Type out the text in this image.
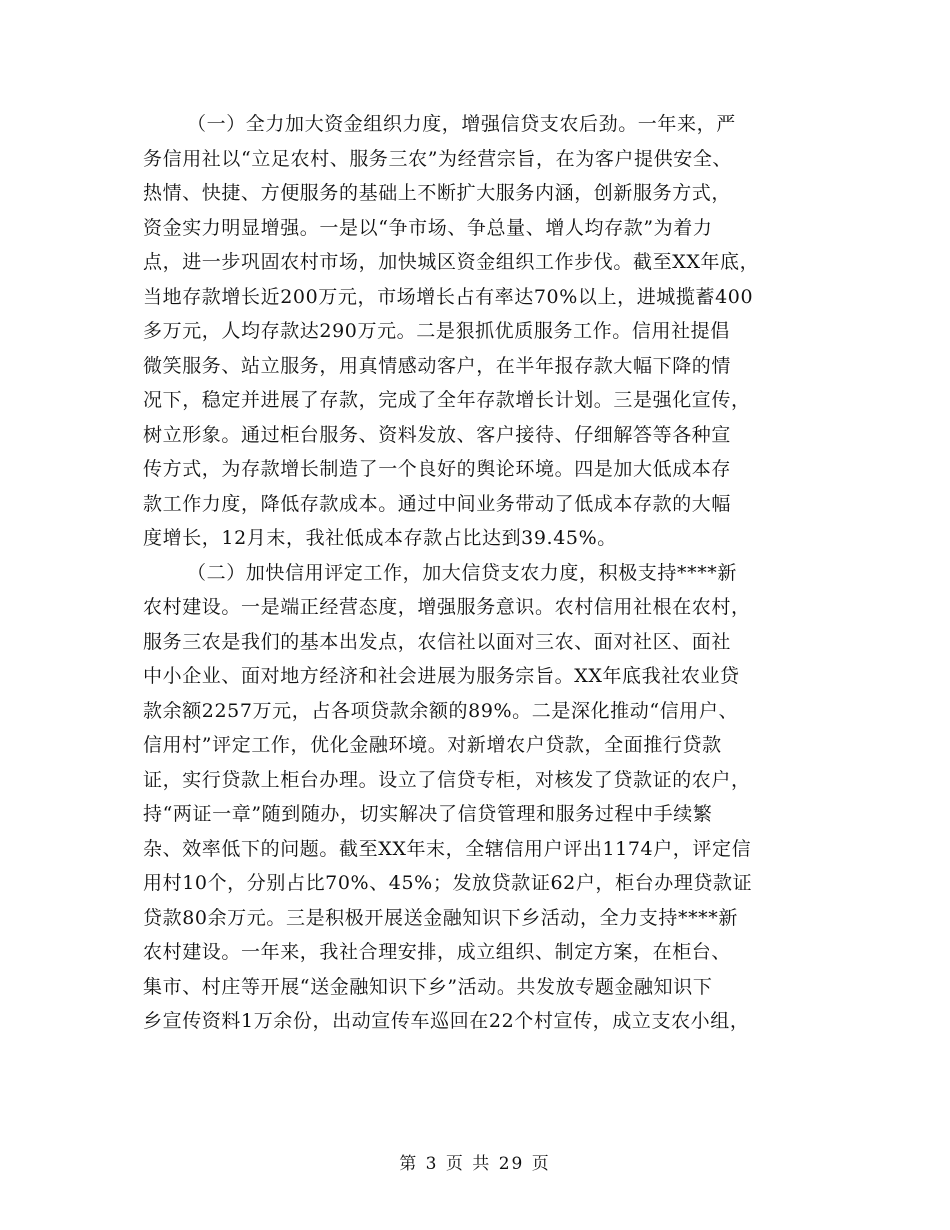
（一）全力加大资金组织力度，增强信贷支农后劲。一年来，严
务信用社以“立足农村、服务三农”为经营宗旨，在为客户提供安全、
热情、快捷、方便服务的基础上不断扩大服务内涵，创新服务方式，
资金实力明显增强。一是以“争市场、争总量、增人均存款”为着力
点，进一步巩固农村市场，加快城区资金组织工作步伐。截至XX年底，
当地存款增长近200万元，市场增长占有率达70%以上，进城揽蓄400
多万元，人均存款达290万元。二是狠抓优质服务工作。信用社提倡
微笑服务、站立服务，用真情感动客户，在半年报存款大幅下降的情
况下，稳定并进展了存款，完成了全年存款增长计划。三是强化宣传，
树立形象。通过柜台服务、资料发放、客户接待、仔细解答等各种宣
传方式，为存款增长制造了一个良好的舆论环境。四是加大低成本存
款工作力度，降低存款成本。通过中间业务带动了低成本存款的大幅
度增长，12月末，我社低成本存款占比达到39.45%。
（二）加快信用评定工作，加大信贷支农力度，积极支持****新
农村建设。一是端正经营态度，增强服务意识。农村信用社根在农村，
服务三农是我们的基本出发点，农信社以面对三农、面对社区、面社
中小企业、面对地方经济和社会进展为服务宗旨。XX年底我社农业贷
款余额2257万元，占各项贷款余额的89%。二是深化推动“信用户、
信用村”评定工作，优化金融环境。对新增农户贷款，全面推行贷款
证，实行贷款上柜台办理。设立了信贷专柜，对核发了贷款证的农户，
持“两证一章”随到随办，切实解决了信贷管理和服务过程中手续繁
杂、效率低下的问题。截至XX年末，全辖信用户评出1174户，评定信
用村10个，分别占比70%、45%；发放贷款证62户，柜台办理贷款证
贷款80余万元。三是积极开展送金融知识下乡活动，全力支持****新
农村建设。一年来，我社合理安排，成立组织、制定方案，在柜台、
集市、村庄等开展“送金融知识下乡”活动。共发放专题金融知识下
乡宣传资料1万余份，出动宣传车巡回在22个村宣传，成立支农小组，
第 3 页 共 29 页
